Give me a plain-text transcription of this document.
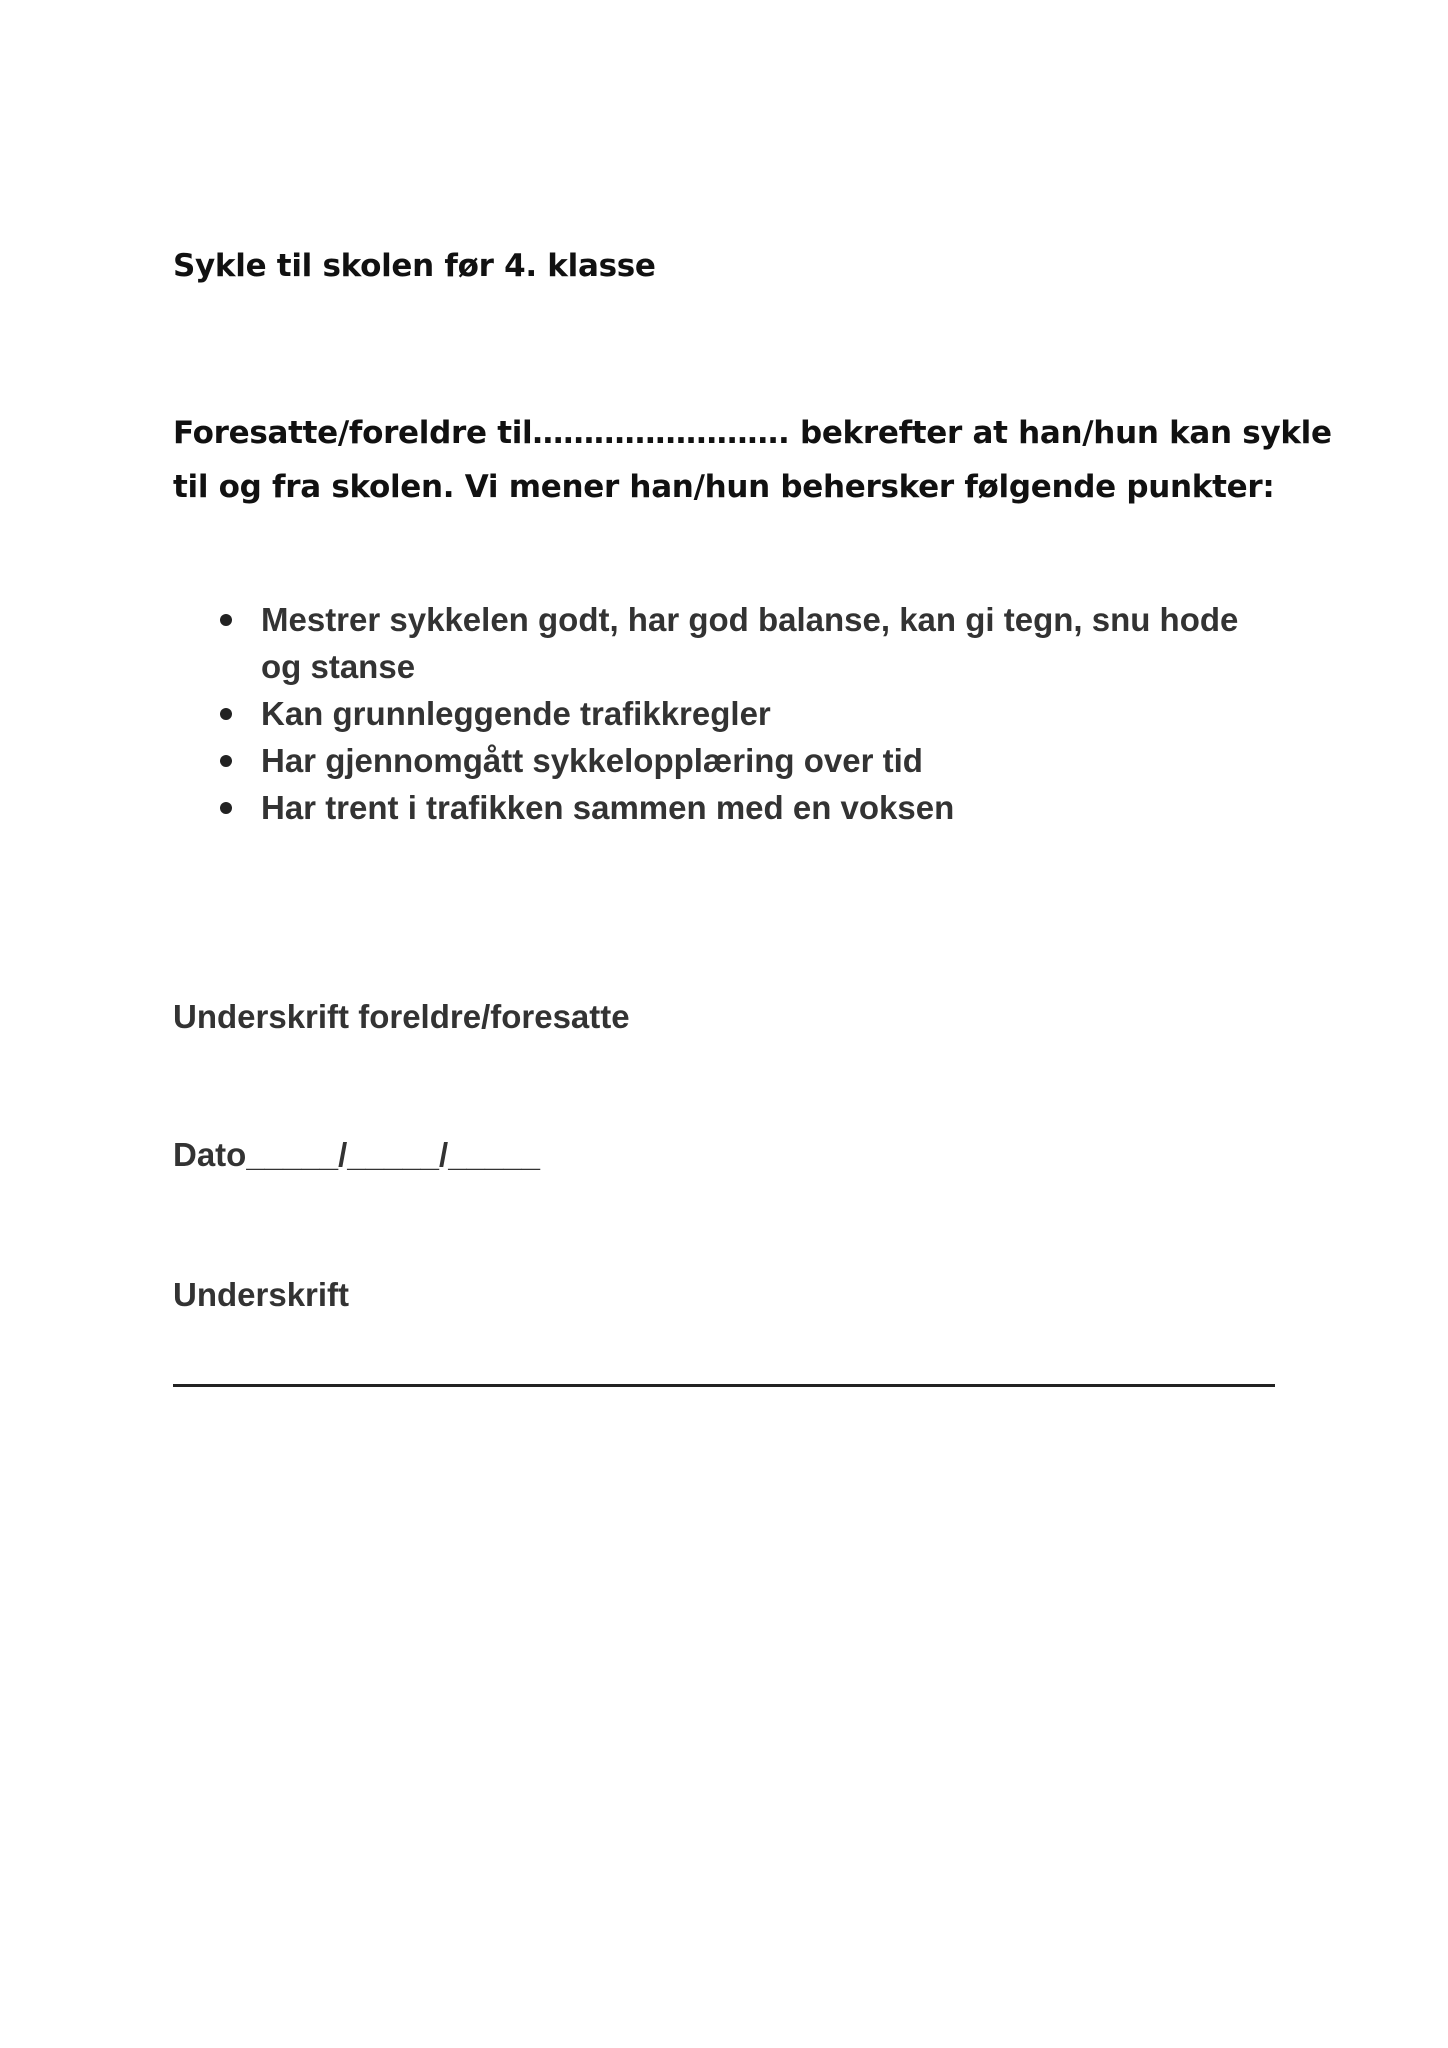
Sykle til skolen før 4. klasse
Foresatte/foreldre til……………………. bekrefter at han/hun kan sykle
til og fra skolen. Vi mener han/hun behersker følgende punkter:
Mestrer sykkelen godt, har god balanse, kan gi tegn, snu hode
og stanse
Kan grunnleggende trafikkregler
Har gjennomgått sykkelopplæring over tid
Har trent i trafikken sammen med en voksen
Underskrift foreldre/foresatte
Dato_____/_____/_____
Underskrift
